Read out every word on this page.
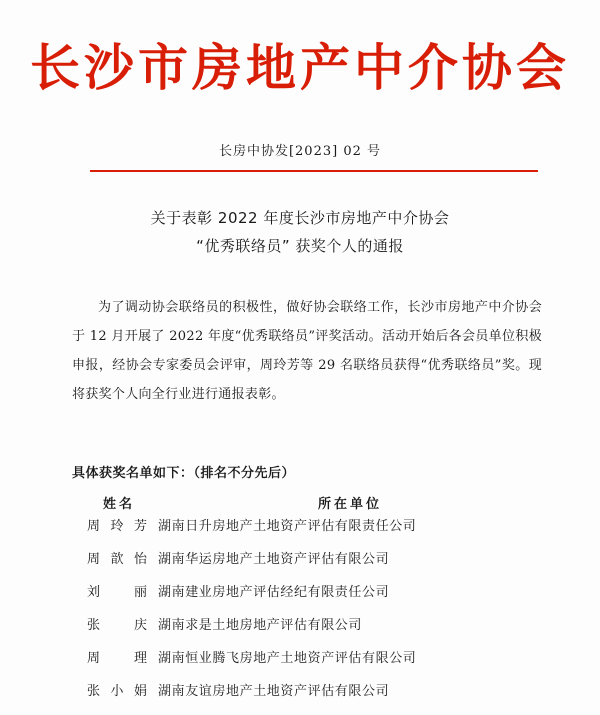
长沙市房地产中介协会
长房中协发[2023] 02 号
关于表彰 2022 年度长沙市房地产中介协会
“优秀联络员” 获奖个人的通报
为了调动协会联络员的积极性，做好协会联络工作，长沙市房地产中介协会于 12 月开展了 2022 年度“优秀联络员”评奖活动。活动开始后各会员单位积极申报，经协会专家委员会评审，周玲芳等 29 名联络员获得“优秀联络员”奖。现将获奖个人向全行业进行通报表彰。
具体获奖名单如下：（排名不分先后）
姓名	所在单位
周玲芳 湖南日升房地产土地资产评估有限责任公司
周歆怡 湖南华运房地产土地资产评估有限公司
刘丽 湖南建业房地产评估经纪有限责任公司
张庆 湖南求是土地房地产评估有限公司
周理 湖南恒业腾飞房地产土地资产评估有限公司
张小娟 湖南友谊房地产土地资产评估有限公司
